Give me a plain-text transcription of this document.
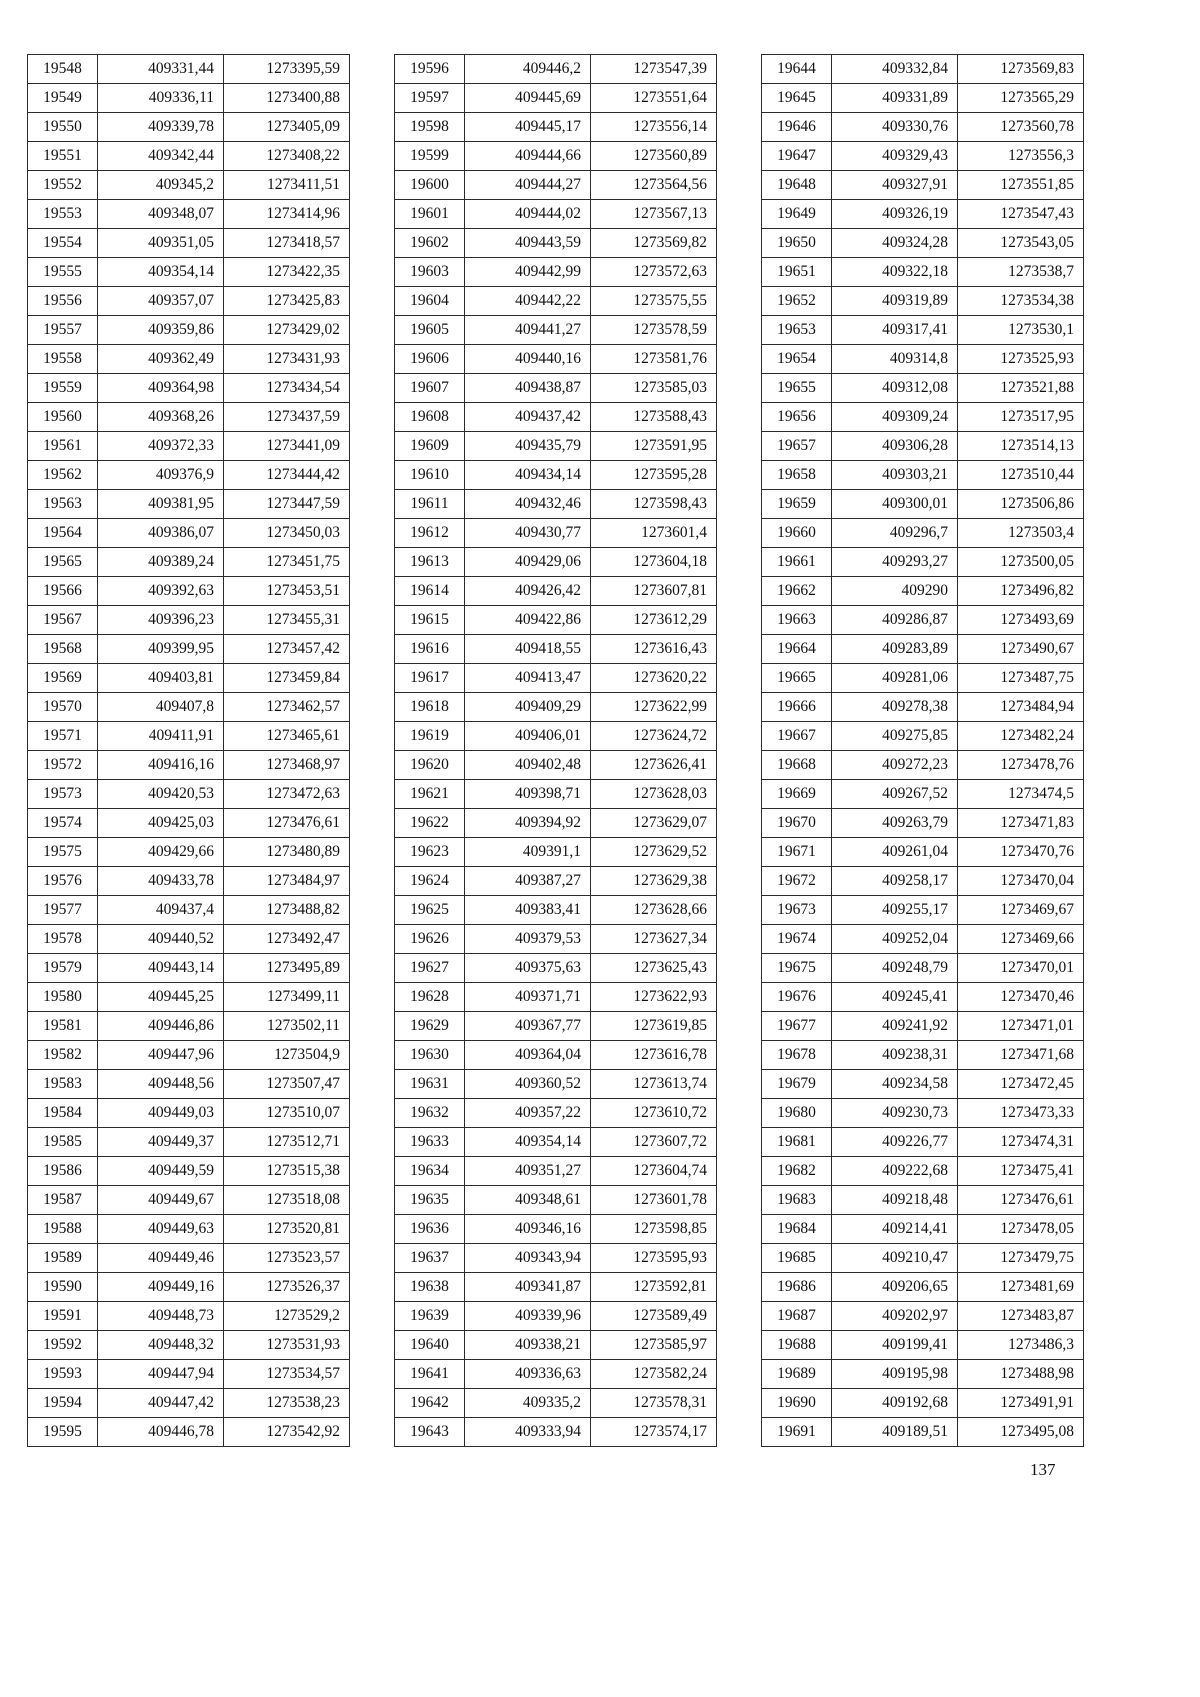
19548	409331,44	1273395,59
19549	409336,11	1273400,88
19550	409339,78	1273405,09
19551	409342,44	1273408,22
19552	409345,2	1273411,51
19553	409348,07	1273414,96
19554	409351,05	1273418,57
19555	409354,14	1273422,35
19556	409357,07	1273425,83
19557	409359,86	1273429,02
19558	409362,49	1273431,93
19559	409364,98	1273434,54
19560	409368,26	1273437,59
19561	409372,33	1273441,09
19562	409376,9	1273444,42
19563	409381,95	1273447,59
19564	409386,07	1273450,03
19565	409389,24	1273451,75
19566	409392,63	1273453,51
19567	409396,23	1273455,31
19568	409399,95	1273457,42
19569	409403,81	1273459,84
19570	409407,8	1273462,57
19571	409411,91	1273465,61
19572	409416,16	1273468,97
19573	409420,53	1273472,63
19574	409425,03	1273476,61
19575	409429,66	1273480,89
19576	409433,78	1273484,97
19577	409437,4	1273488,82
19578	409440,52	1273492,47
19579	409443,14	1273495,89
19580	409445,25	1273499,11
19581	409446,86	1273502,11
19582	409447,96	1273504,9
19583	409448,56	1273507,47
19584	409449,03	1273510,07
19585	409449,37	1273512,71
19586	409449,59	1273515,38
19587	409449,67	1273518,08
19588	409449,63	1273520,81
19589	409449,46	1273523,57
19590	409449,16	1273526,37
19591	409448,73	1273529,2
19592	409448,32	1273531,93
19593	409447,94	1273534,57
19594	409447,42	1273538,23
19595	409446,78	1273542,92
19596	409446,2	1273547,39
19597	409445,69	1273551,64
19598	409445,17	1273556,14
19599	409444,66	1273560,89
19600	409444,27	1273564,56
19601	409444,02	1273567,13
19602	409443,59	1273569,82
19603	409442,99	1273572,63
19604	409442,22	1273575,55
19605	409441,27	1273578,59
19606	409440,16	1273581,76
19607	409438,87	1273585,03
19608	409437,42	1273588,43
19609	409435,79	1273591,95
19610	409434,14	1273595,28
19611	409432,46	1273598,43
19612	409430,77	1273601,4
19613	409429,06	1273604,18
19614	409426,42	1273607,81
19615	409422,86	1273612,29
19616	409418,55	1273616,43
19617	409413,47	1273620,22
19618	409409,29	1273622,99
19619	409406,01	1273624,72
19620	409402,48	1273626,41
19621	409398,71	1273628,03
19622	409394,92	1273629,07
19623	409391,1	1273629,52
19624	409387,27	1273629,38
19625	409383,41	1273628,66
19626	409379,53	1273627,34
19627	409375,63	1273625,43
19628	409371,71	1273622,93
19629	409367,77	1273619,85
19630	409364,04	1273616,78
19631	409360,52	1273613,74
19632	409357,22	1273610,72
19633	409354,14	1273607,72
19634	409351,27	1273604,74
19635	409348,61	1273601,78
19636	409346,16	1273598,85
19637	409343,94	1273595,93
19638	409341,87	1273592,81
19639	409339,96	1273589,49
19640	409338,21	1273585,97
19641	409336,63	1273582,24
19642	409335,2	1273578,31
19643	409333,94	1273574,17
19644	409332,84	1273569,83
19645	409331,89	1273565,29
19646	409330,76	1273560,78
19647	409329,43	1273556,3
19648	409327,91	1273551,85
19649	409326,19	1273547,43
19650	409324,28	1273543,05
19651	409322,18	1273538,7
19652	409319,89	1273534,38
19653	409317,41	1273530,1
19654	409314,8	1273525,93
19655	409312,08	1273521,88
19656	409309,24	1273517,95
19657	409306,28	1273514,13
19658	409303,21	1273510,44
19659	409300,01	1273506,86
19660	409296,7	1273503,4
19661	409293,27	1273500,05
19662	409290	1273496,82
19663	409286,87	1273493,69
19664	409283,89	1273490,67
19665	409281,06	1273487,75
19666	409278,38	1273484,94
19667	409275,85	1273482,24
19668	409272,23	1273478,76
19669	409267,52	1273474,5
19670	409263,79	1273471,83
19671	409261,04	1273470,76
19672	409258,17	1273470,04
19673	409255,17	1273469,67
19674	409252,04	1273469,66
19675	409248,79	1273470,01
19676	409245,41	1273470,46
19677	409241,92	1273471,01
19678	409238,31	1273471,68
19679	409234,58	1273472,45
19680	409230,73	1273473,33
19681	409226,77	1273474,31
19682	409222,68	1273475,41
19683	409218,48	1273476,61
19684	409214,41	1273478,05
19685	409210,47	1273479,75
19686	409206,65	1273481,69
19687	409202,97	1273483,87
19688	409199,41	1273486,3
19689	409195,98	1273488,98
19690	409192,68	1273491,91
19691	409189,51	1273495,08
137
